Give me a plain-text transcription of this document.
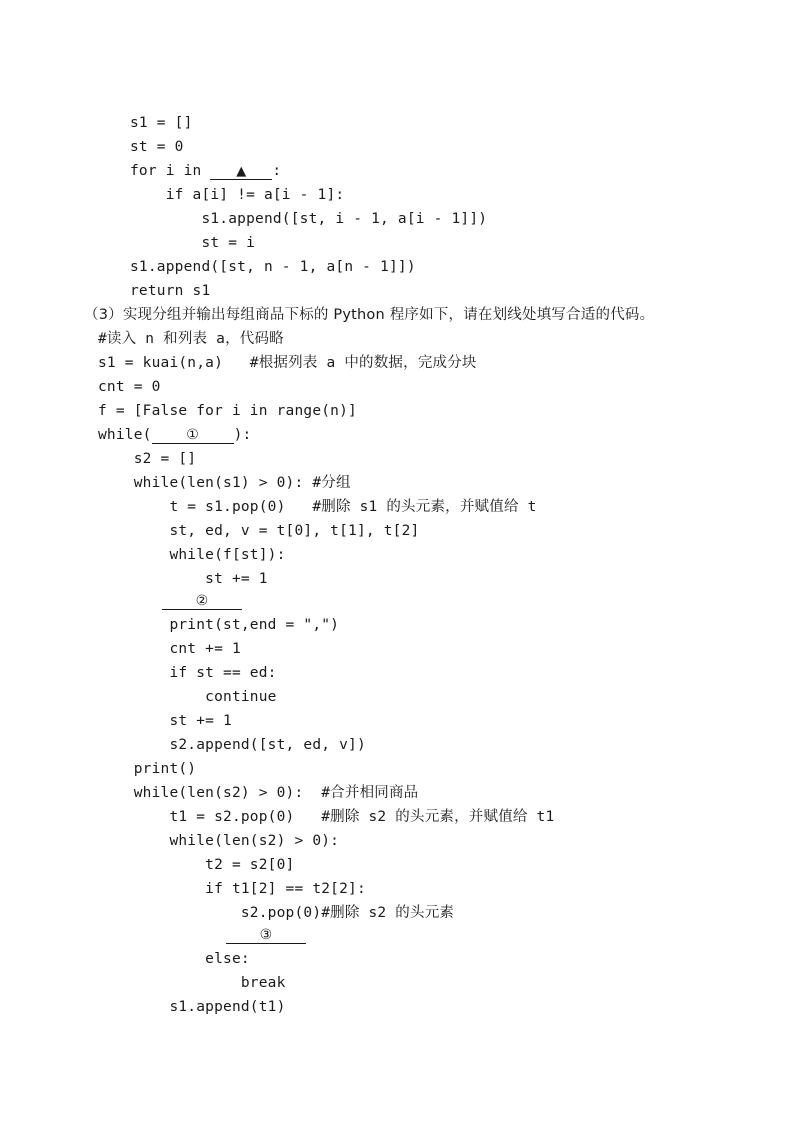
s1 = []
st = 0
for i in ▲ :
if a[i] != a[i - 1]:
s1.append([st, i - 1, a[i - 1]])
st = i
s1.append([st, n - 1, a[n - 1]])
return s1
（3）实现分组并输出每组商品下标的 Python 程序如下，请在划线处填写合适的代码。
#读入 n 和列表 a，代码略
s1 = kuai(n,a)   #根据列表 a 中的数据，完成分块
cnt = 0
f = [False for i in range(n)]
while( ① ):
s2 = []
while(len(s1) > 0): #分组
t = s1.pop(0)   #删除 s1 的头元素，并赋值给 t
st, ed, v = t[0], t[1], t[2]
while(f[st]):
st += 1
②
print(st,end = ",")
cnt += 1
if st == ed:
continue
st += 1
s2.append([st, ed, v])
print()
while(len(s2) > 0):  #合并相同商品
t1 = s2.pop(0)   #删除 s2 的头元素，并赋值给 t1
while(len(s2) > 0):
t2 = s2[0]
if t1[2] == t2[2]:
s2.pop(0)#删除 s2 的头元素
③
else:
break
s1.append(t1)
